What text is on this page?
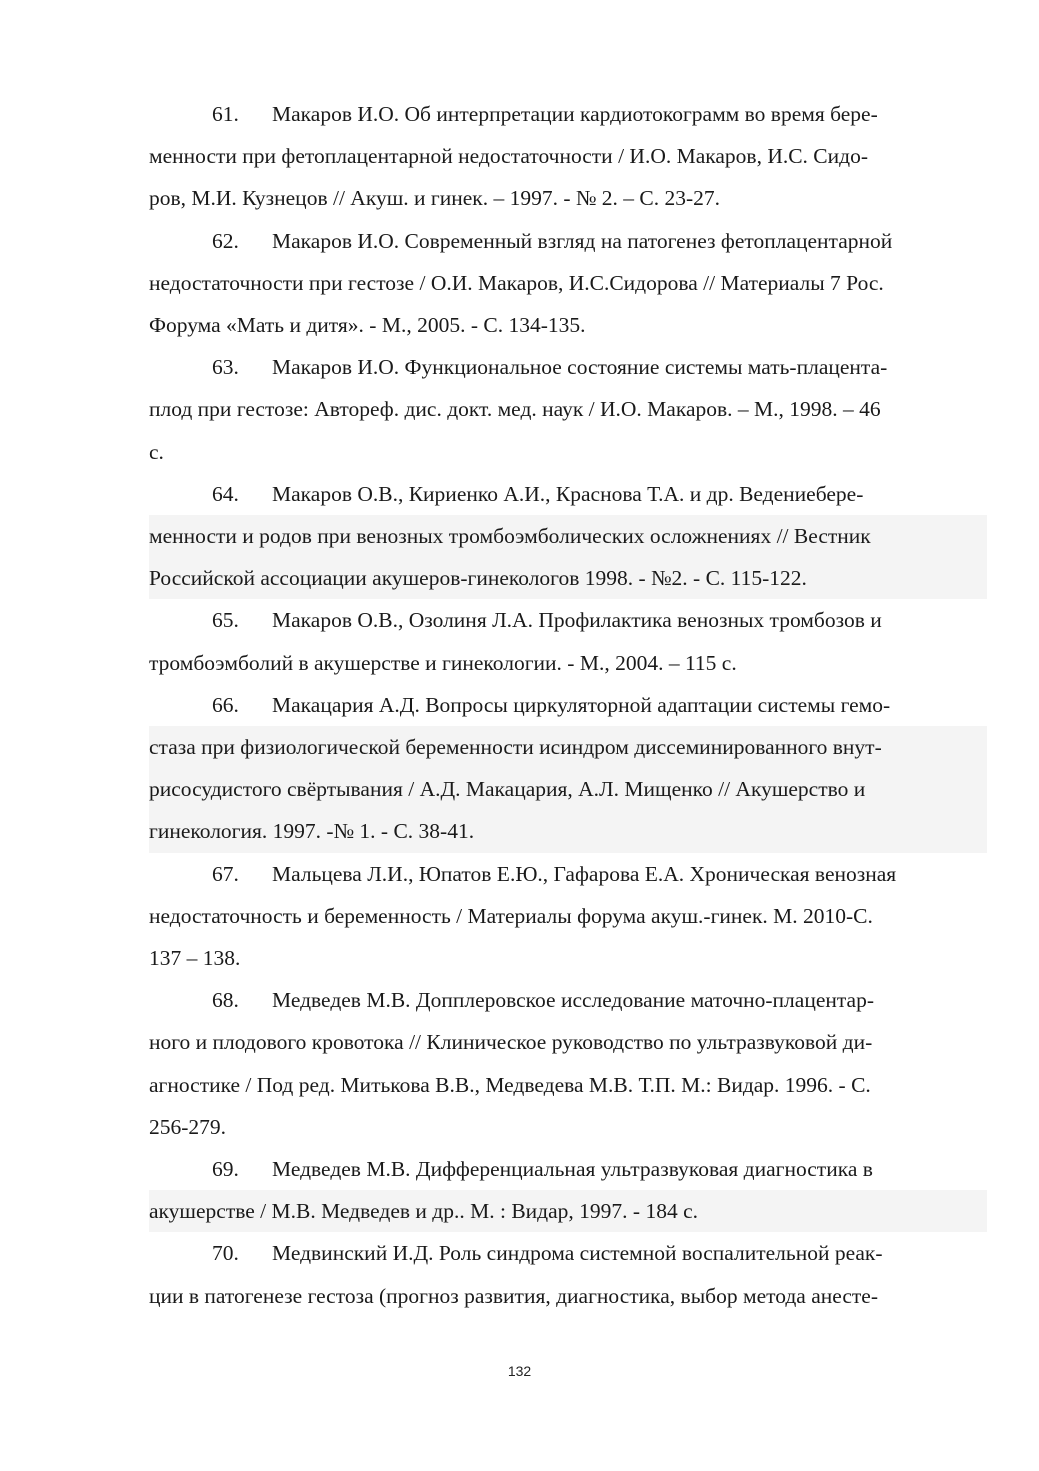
61. Макаров И.О. Об интерпретации кардиотокограмм во время бере-
менности при фетоплацентарной недостаточности / И.О. Макаров, И.С. Сидо-
ров, М.И. Кузнецов // Акуш. и гинек. – 1997. - № 2. – С. 23-27.

62. Макаров И.О. Современный взгляд на патогенез фетоплацентарной
недостаточности при гестозе / О.И. Макаров, И.С.Сидорова // Материалы 7 Рос.
Форума «Мать и дитя». - М., 2005. - С. 134-135.

63. Макаров И.О. Функциональное состояние системы мать-плацента-
плод при гестозе: Автореф. дис. докт. мед. наук / И.О. Макаров. – М., 1998. – 46
с.

64. Макаров О.В., Кириенко А.И., Краснова Т.А. и др. Ведениебере-
менности и родов при венозных тромбоэмболических осложнениях // Вестник
Российской ассоциации акушеров-гинекологов 1998. - №2. - С. 115-122.

65. Макаров О.В., Озолиня Л.А. Профилактика венозных тромбозов и
тромбоэмболий в акушерстве и гинекологии. - М., 2004. – 115 с.

66. Макацария А.Д. Вопросы циркуляторной адаптации системы гемо-
стаза при физиологической беременности исиндром диссеминированного внут-
рисосудистого свёртывания / А.Д. Макацария, А.Л. Мищенко // Акушерство и
гинекология. 1997. -№ 1. - С. 38-41.

67. Мальцева Л.И., Юпатов Е.Ю., Гафарова Е.А. Хроническая венозная
недостаточность и беременность / Материалы форума акуш.-гинек. М. 2010-С.
137 – 138.

68. Медведев М.В. Допплеровское исследование маточно-плацентар-
ного и плодового кровотока // Клиническое руководство по ультразвуковой ди-
агностике / Под ред. Митькова В.В., Медведева М.В. Т.П. М.: Видар. 1996. - С.
256-279.

69. Медведев М.В. Дифференциальная ультразвуковая диагностика в
акушерстве / М.В. Медведев и др.. М. : Видар, 1997. - 184 с.

70. Медвинский И.Д. Роль синдрома системной воспалительной реак-
ции в патогенезе гестоза (прогноз развития, диагностика, выбор метода анесте-

132
